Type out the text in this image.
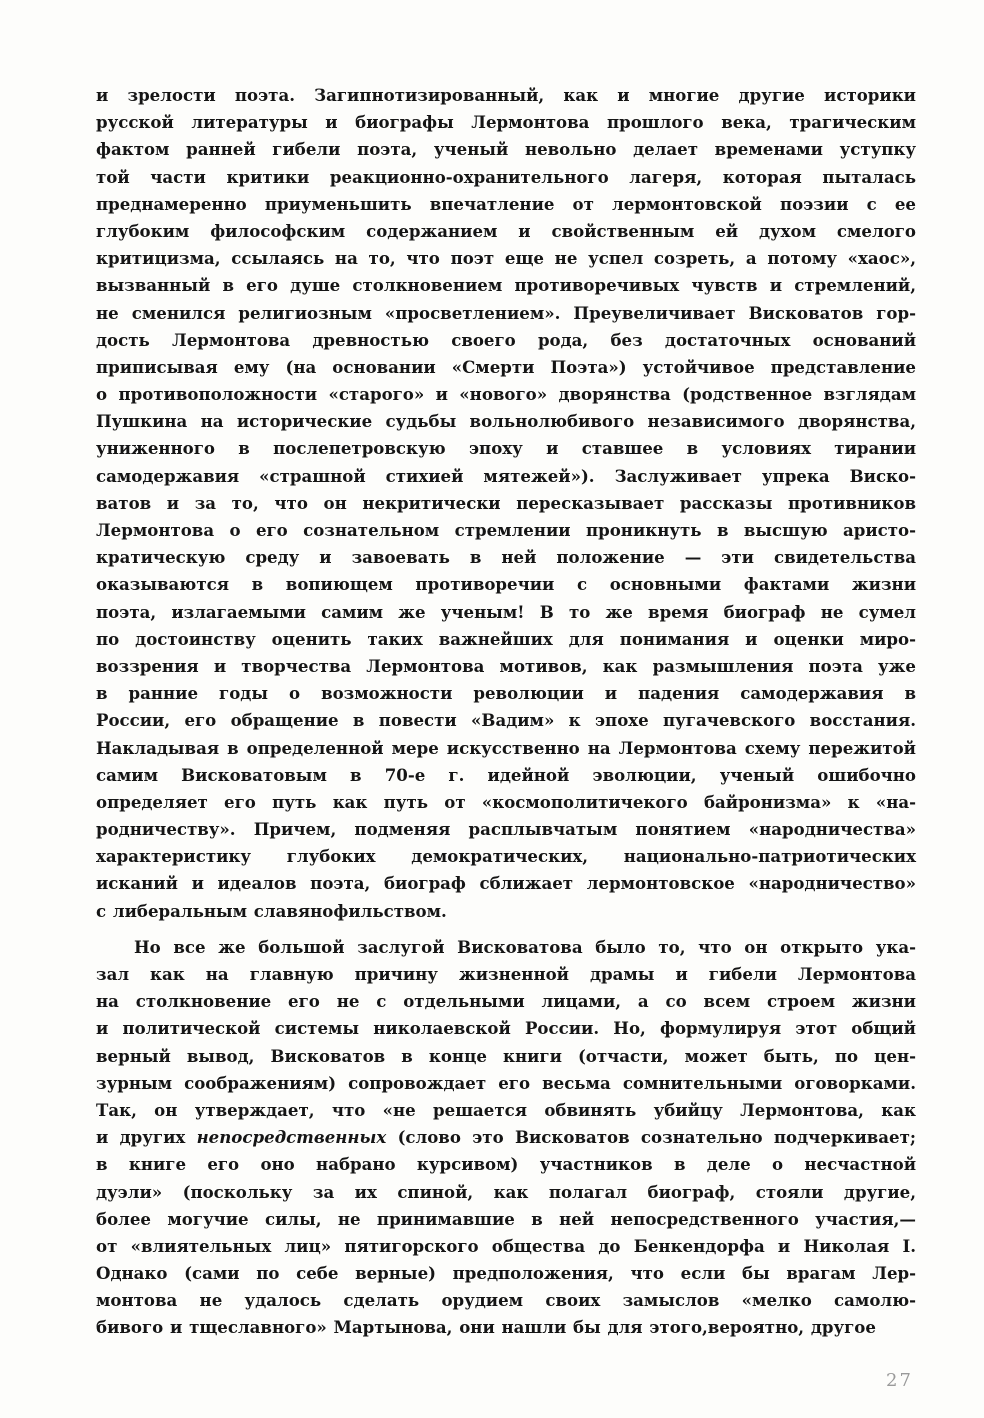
и зрелости поэта. Загипнотизированный, как и многие другие историки
русской литературы и биографы Лермонтова прошлого века, трагическим
фактом ранней гибели поэта, ученый невольно делает временами уступку
той части критики реакционно-охранительного лагеря, которая пыталась
преднамеренно приуменьшить впечатление от лермонтовской поэзии с ее
глубоким философским содержанием и свойственным ей духом смелого
критицизма, ссылаясь на то, что поэт еще не успел созреть, а потому «хаос»,
вызванный в его душе столкновением противоречивых чувств и стремлений,
не сменился религиозным «просветлением». Преувеличивает Висковатов гор-
дость Лермонтова древностью своего рода, без достаточных оснований
приписывая ему (на основании «Смерти Поэта») устойчивое представление
о противоположности «старого» и «нового» дворянства (родственное взглядам
Пушкина на исторические судьбы вольнолюбивого независимого дворянства,
униженного в послепетровскую эпоху и ставшее в условиях тирании
самодержавия «страшной стихией мятежей»). Заслуживает упрека Виско-
ватов и за то, что он некритически пересказывает рассказы противников
Лермонтова о его сознательном стремлении проникнуть в высшую аристо-
кратическую среду и завоевать в ней положение — эти свидетельства
оказываются в вопиющем противоречии с основными фактами жизни
поэта, излагаемыми самим же ученым! В то же время биограф не сумел
по достоинству оценить таких важнейших для понимания и оценки миро-
воззрения и творчества Лермонтова мотивов, как размышления поэта уже
в ранние годы о возможности революции и падения самодержавия в
России, его обращение в повести «Вадим» к эпохе пугачевского восстания.
Накладывая в определенной мере искусственно на Лермонтова схему пережитой
самим Висковатовым в 70-е г. идейной эволюции, ученый ошибочно
определяет его путь как путь от «космополитичекого байронизма» к «на-
родничеству». Причем, подменяя расплывчатым понятием «народничества»
характеристику глубоких демократических, национально-патриотических
исканий и идеалов поэта, биограф сближает лермонтовское «народничество»
с либеральным славянофильством.
Но все же большой заслугой Висковатова было то, что он открыто ука-
зал как на главную причину жизненной драмы и гибели Лермонтова
на столкновение его не с отдельными лицами, а со всем строем жизни
и политической системы николаевской России. Но, формулируя этот общий
верный вывод, Висковатов в конце книги (отчасти, может быть, по цен-
зурным соображениям) сопровождает его весьма сомнительными оговорками.
Так, он утверждает, что «не решается обвинять убийцу Лермонтова, как
и других непосредственных (слово это Висковатов сознательно подчеркивает;
в книге его оно набрано курсивом) участников в деле о несчастной
дуэли» (поскольку за их спиной, как полагал биограф, стояли другие,
более могучие силы, не принимавшие в ней непосредственного участия,—
от «влиятельных лиц» пятигорского общества до Бенкендорфа и Николая I.
Однако (сами по себе верные) предположения, что если бы врагам Лер-
монтова не удалось сделать орудием своих замыслов «мелко самолю-
бивого и тщеславного» Мартынова, они нашли бы для этого,вероятно, другое
27
